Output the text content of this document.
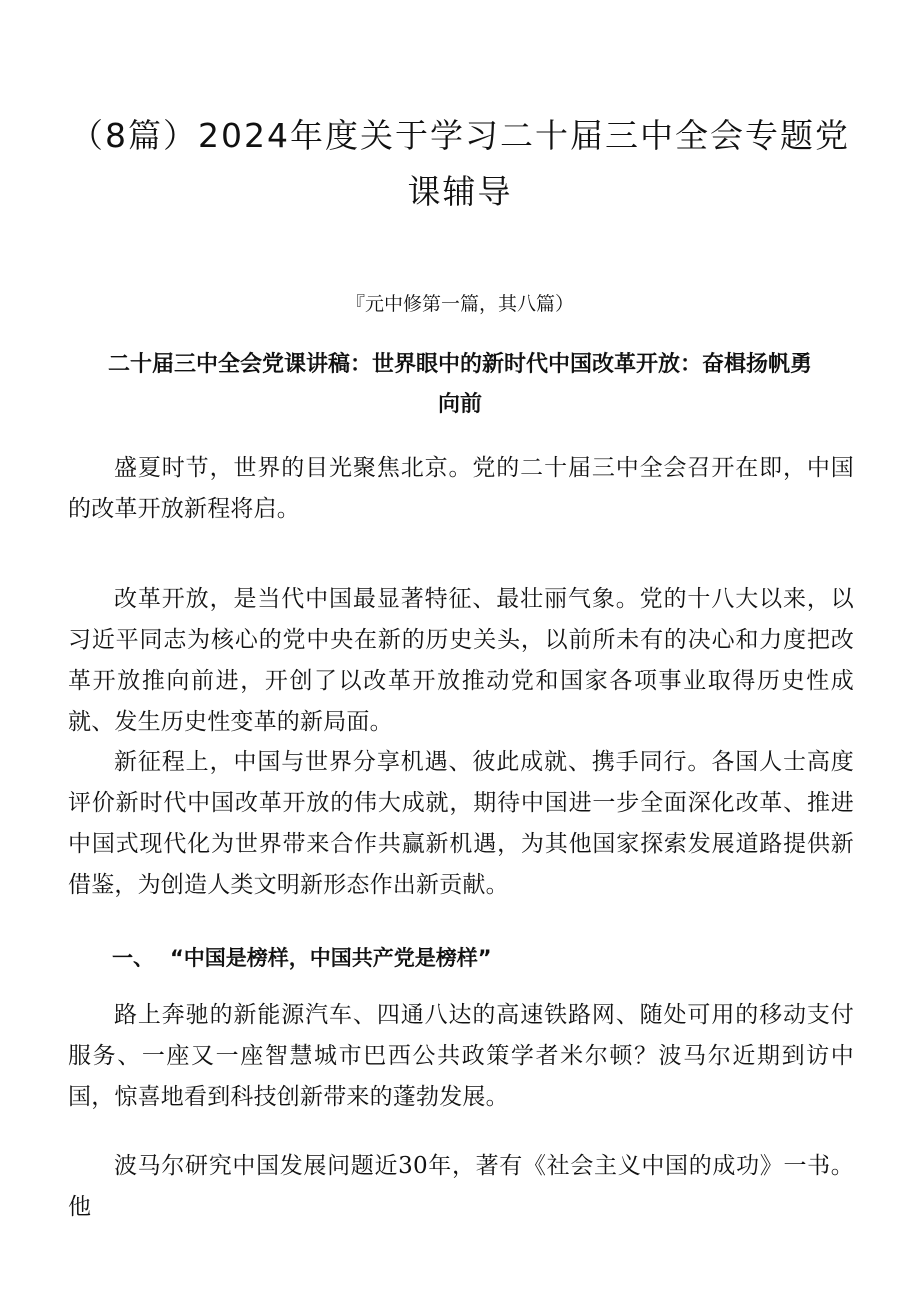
（8篇）2024年度关于学习二十届三中全会专题党课辅导
『元中修第一篇，其八篇）
二十届三中全会党课讲稿：世界眼中的新时代中国改革开放：奋楫扬帆勇向前

盛夏时节，世界的目光聚焦北京。党的二十届三中全会召开在即，中国的改革开放新程将启。

改革开放，是当代中国最显著特征、最壮丽气象。党的十八大以来，以习近平同志为核心的党中央在新的历史关头，以前所未有的决心和力度把改革开放推向前进，开创了以改革开放推动党和国家各项事业取得历史性成就、发生历史性变革的新局面。

新征程上，中国与世界分享机遇、彼此成就、携手同行。各国人士高度评价新时代中国改革开放的伟大成就，期待中国进一步全面深化改革、推进中国式现代化为世界带来合作共赢新机遇，为其他国家探索发展道路提供新借鉴，为创造人类文明新形态作出新贡献。

一、 “中国是榜样，中国共产党是榜样”

路上奔驰的新能源汽车、四通八达的高速铁路网、随处可用的移动支付服务、一座又一座智慧城市巴西公共政策学者米尔顿？波马尔近期到访中国，惊喜地看到科技创新带来的蓬勃发展。

波马尔研究中国发展问题近30年，著有《社会主义中国的成功》一书。他
